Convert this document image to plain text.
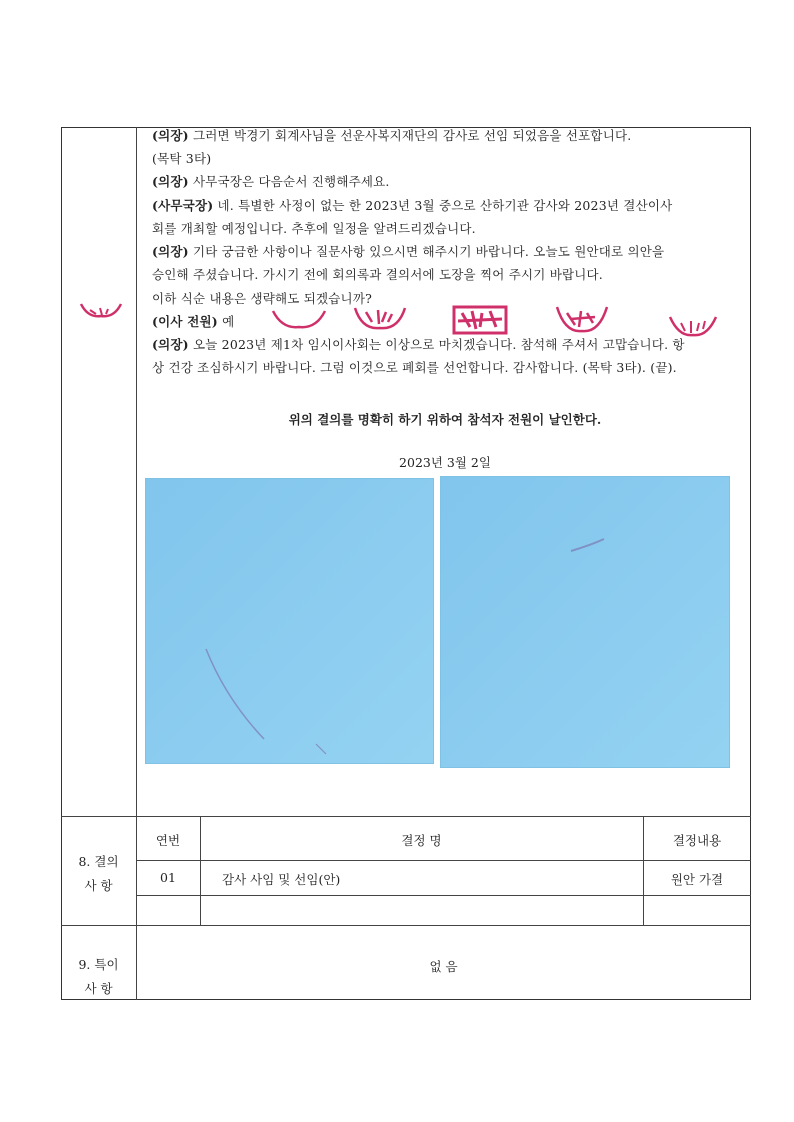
(의장) 그러면 박경기 회계사님을 선운사복지재단의 감사로 선임 되었음을 선포합니다.
(목탁 3타)
(의장) 사무국장은 다음순서 진행해주세요.
(사무국장) 네. 특별한 사정이 없는 한 2023년 3월 중으로 산하기관 감사와 2023년 결산이사
회를 개최할 예정입니다. 추후에 일정을 알려드리겠습니다.
(의장) 기타 궁금한 사항이나 질문사항 있으시면 해주시기 바랍니다. 오늘도 원안대로 의안을
승인해 주셨습니다. 가시기 전에 회의록과 결의서에 도장을 찍어 주시기 바랍니다.
이하 식순 내용은 생략해도 되겠습니까?
(이사 전원) 예
(의장) 오늘 2023년 제1차 임시이사회는 이상으로 마치겠습니다. 참석해 주셔서 고맙습니다. 항
상 건강 조심하시기 바랍니다. 그럼 이것으로 폐회를 선언합니다. 감사합니다. (목탁 3타). (끝).
위의 결의를 명확히 하기 위하여 참석자 전원이 날인한다.
2023년 3월 2일
8. 결의
사 항
연번	결정 명	결정내용
01	감사 사임 및 선임(안)	원안 가결
9. 특이
사 항
없 음
